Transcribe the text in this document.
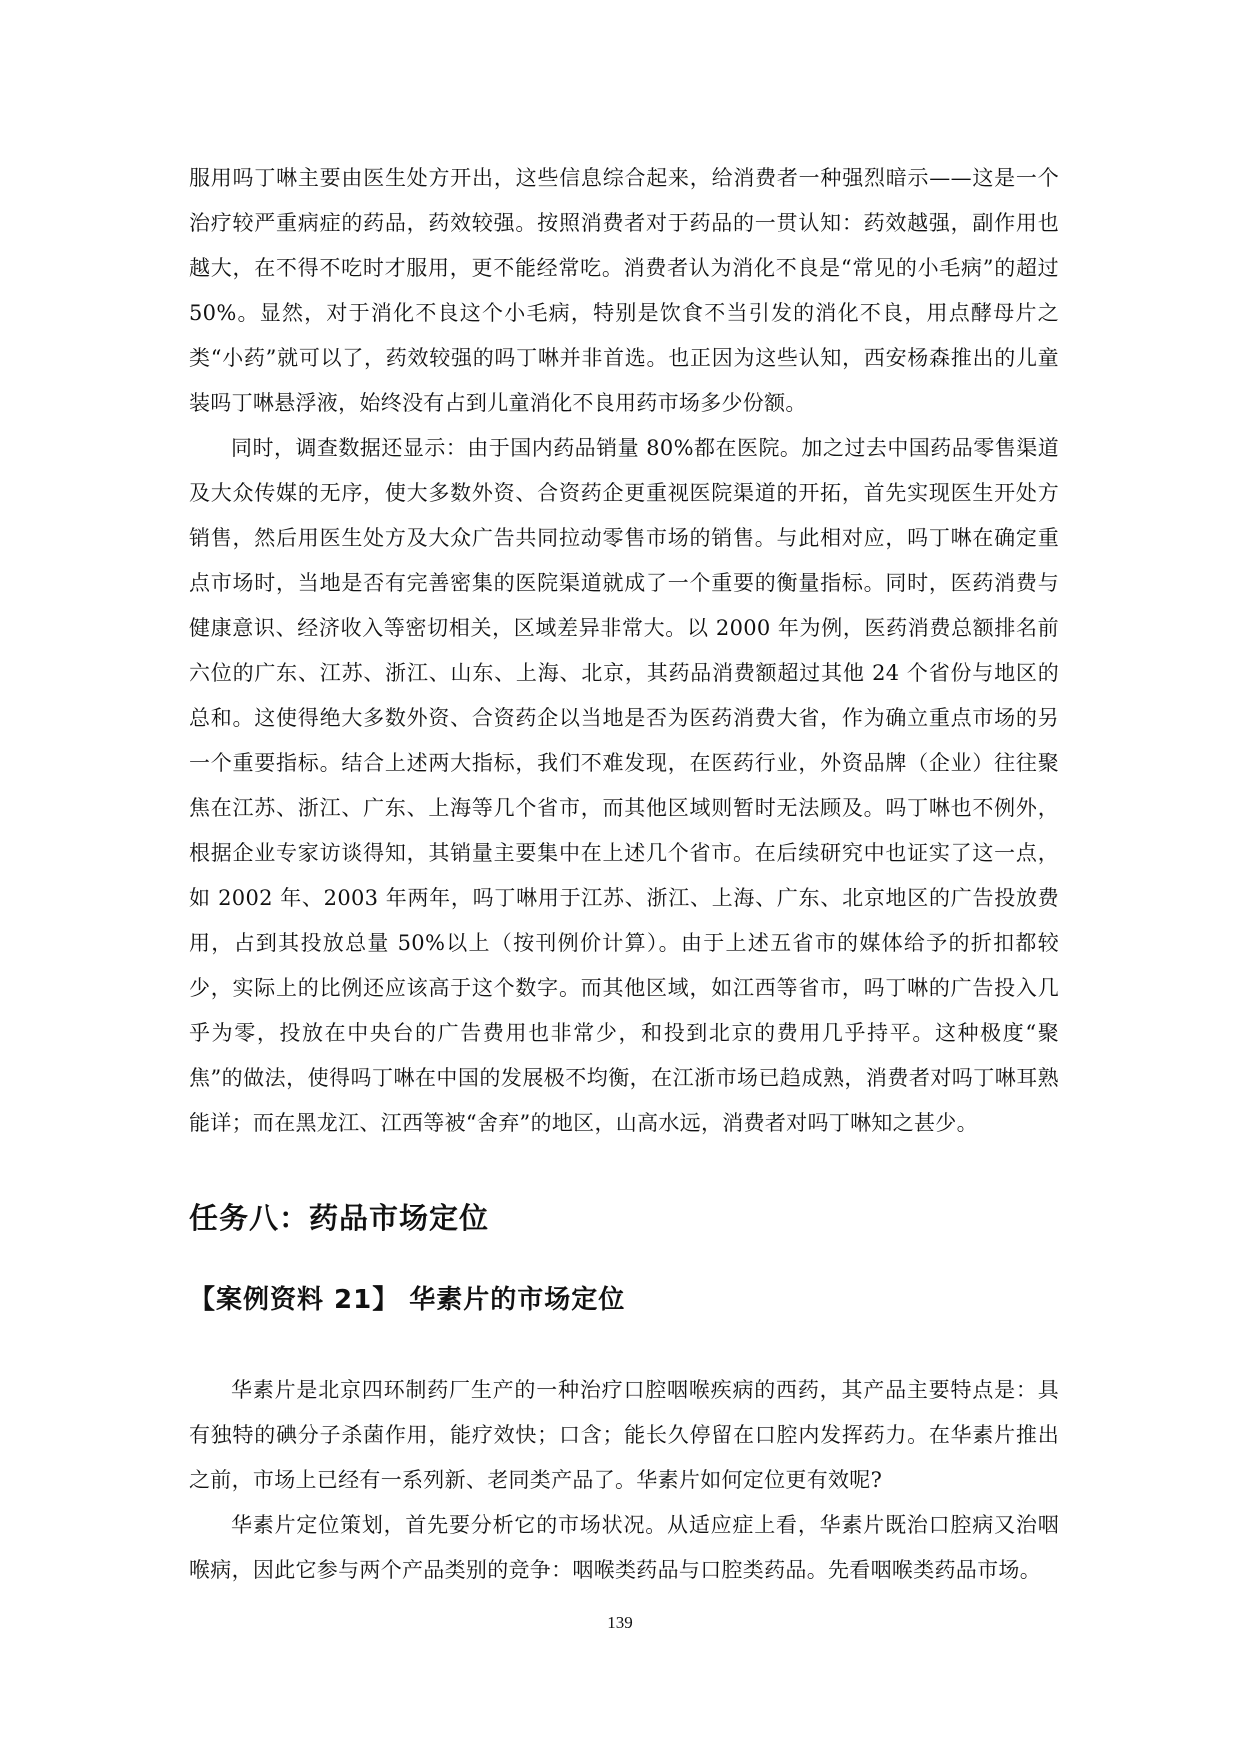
服用吗丁啉主要由医生处方开出，这些信息综合起来，给消费者一种强烈暗示——这是一个治疗较严重病症的药品，药效较强。按照消费者对于药品的一贯认知：药效越强，副作用也越大，在不得不吃时才服用，更不能经常吃。消费者认为消化不良是“常见的小毛病”的超过 50%。显然，对于消化不良这个小毛病，特别是饮食不当引发的消化不良，用点酵母片之类“小药”就可以了，药效较强的吗丁啉并非首选。也正因为这些认知，西安杨森推出的儿童装吗丁啉悬浮液，始终没有占到儿童消化不良用药市场多少份额。

同时，调查数据还显示：由于国内药品销量 80%都在医院。加之过去中国药品零售渠道及大众传媒的无序，使大多数外资、合资药企更重视医院渠道的开拓，首先实现医生开处方销售，然后用医生处方及大众广告共同拉动零售市场的销售。与此相对应，吗丁啉在确定重点市场时，当地是否有完善密集的医院渠道就成了一个重要的衡量指标。同时，医药消费与健康意识、经济收入等密切相关，区域差异非常大。以 2000 年为例，医药消费总额排名前六位的广东、江苏、浙江、山东、上海、北京，其药品消费额超过其他 24 个省份与地区的总和。这使得绝大多数外资、合资药企以当地是否为医药消费大省，作为确立重点市场的另一个重要指标。结合上述两大指标，我们不难发现，在医药行业，外资品牌（企业）往往聚焦在江苏、浙江、广东、上海等几个省市，而其他区域则暂时无法顾及。吗丁啉也不例外，根据企业专家访谈得知，其销量主要集中在上述几个省市。在后续研究中也证实了这一点，如 2002 年、2003 年两年，吗丁啉用于江苏、浙江、上海、广东、北京地区的广告投放费用，占到其投放总量 50%以上（按刊例价计算）。由于上述五省市的媒体给予的折扣都较少，实际上的比例还应该高于这个数字。而其他区域，如江西等省市，吗丁啉的广告投入几乎为零，投放在中央台的广告费用也非常少，和投到北京的费用几乎持平。这种极度“聚焦”的做法，使得吗丁啉在中国的发展极不均衡，在江浙市场已趋成熟，消费者对吗丁啉耳熟能详；而在黑龙江、江西等被“舍弃”的地区，山高水远，消费者对吗丁啉知之甚少。

任务八：药品市场定位
【案例资料 21】 华素片的市场定位

华素片是北京四环制药厂生产的一种治疗口腔咽喉疾病的西药，其产品主要特点是：具有独特的碘分子杀菌作用，能疗效快；口含；能长久停留在口腔内发挥药力。在华素片推出之前，市场上已经有一系列新、老同类产品了。华素片如何定位更有效呢?

华素片定位策划，首先要分析它的市场状况。从适应症上看，华素片既治口腔病又治咽喉病，因此它参与两个产品类别的竞争：咽喉类药品与口腔类药品。先看咽喉类药品市场。

139
